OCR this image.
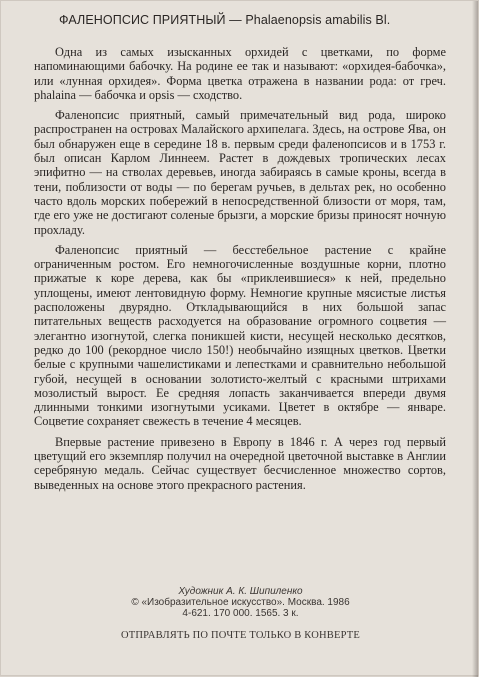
ФАЛЕНОПСИС ПРИЯТНЫЙ — Phalaenopsis amabilis Bl.

Одна из самых изысканных орхидей с цветками, по форме напоминающими бабочку. На родине ее так и называют: «орхидея-бабочка», или «лунная орхидея». Форма цветка отражена в названии рода: от греч. phalaina — бабочка и opsis — сходство.

Фаленопсис приятный, самый примечательный вид рода, широко распространен на островах Малайского архипелага. Здесь, на острове Ява, он был обнаружен еще в середине 18 в. первым среди фаленопсисов и в 1753 г. был описан Карлом Линнеем. Растет в дождевых тропических лесах эпифитно — на стволах деревьев, иногда забираясь в самые кроны, всегда в тени, поблизости от воды — по берегам ручьев, в дельтах рек, но особенно часто вдоль морских побережий в непосредственной близости от моря, там, где его уже не достигают соленые брызги, а морские бризы приносят ночную прохладу.

Фаленопсис приятный — бесстебельное растение с крайне ограниченным ростом. Его немногочисленные воздушные корни, плотно прижатые к коре дерева, как бы «приклеившиеся» к ней, предельно уплощены, имеют лентовидную форму. Немногие крупные мясистые листья расположены двурядно. Откладывающийся в них большой запас питательных веществ расходуется на образование огромного соцветия — элегантно изогнутой, слегка поникшей кисти, несущей несколько десятков, редко до 100 (рекордное число 150!) необычайно изящных цветков. Цветки белые с крупными чашелистиками и лепестками и сравнительно небольшой губой, несущей в основании золотисто-желтый с красными штрихами мозолистый вырост. Ее средняя лопасть заканчивается впереди двумя длинными тонкими изогнутыми усиками. Цветет в октябре — январе. Соцветие сохраняет свежесть в течение 4 месяцев.

Впервые растение привезено в Европу в 1846 г. А через год первый цветущий его экземпляр получил на очередной цветочной выставке в Англии серебряную медаль. Сейчас существует бесчисленное множество сортов, выведенных на основе этого прекрасного растения.

Художник А. К. Шипиленко
© «Изобразительное искусство». Москва. 1986
4-621. 170 000. 1565. 3 к.
ОТПРАВЛЯТЬ ПО ПОЧТЕ ТОЛЬКО В КОНВЕРТЕ
